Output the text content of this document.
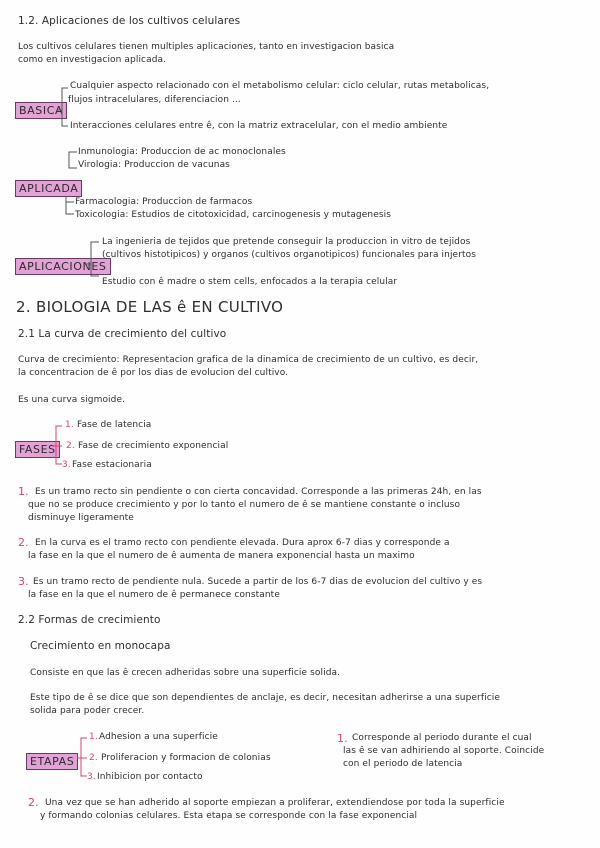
1.2. Aplicaciones de los cultivos celulares
Los cultivos celulares tienen multiples aplicaciones, tanto en investigacion basica
como en investigacion aplicada.
BASICA
Cualquier aspecto relacionado con el metabolismo celular: ciclo celular, rutas metabolicas,
flujos intracelulares, diferenciacion ...
Interacciones celulares entre ê, con la matriz extracelular, con el medio ambiente
Inmunologia: Produccion de ac monoclonales
Virologia: Produccion de vacunas
APLICADA
Farmacologia: Produccion de farmacos
Toxicologia: Estudios de citotoxicidad, carcinogenesis y mutagenesis
APLICACIONES
La ingenieria de tejidos que pretende conseguir la produccion in vitro de tejidos
(cultivos histotipicos) y organos (cultivos organotipicos) funcionales para injertos
Estudio con ê madre o stem cells, enfocados a la terapia celular
2. BIOLOGIA DE LAS ê EN CULTIVO
2.1 La curva de crecimiento del cultivo
Curva de crecimiento: Representacion grafica de la dinamica de crecimiento de un cultivo, es decir,
la concentracion de ê por los dias de evolucion del cultivo.
Es una curva sigmoide.
FASES
1. Fase de latencia
2. Fase de crecimiento exponencial
3. Fase estacionaria
1. Es un tramo recto sin pendiente o con cierta concavidad. Corresponde a las primeras 24h, en las
que no se produce crecimiento y por lo tanto el numero de ê se mantiene constante o incluso
disminuye ligeramente
2. En la curva es el tramo recto con pendiente elevada. Dura aprox 6-7 dias y corresponde a
la fase en la que el numero de ê aumenta de manera exponencial hasta un maximo
3. Es un tramo recto de pendiente nula. Sucede a partir de los 6-7 dias de evolucion del cultivo y es
la fase en la que el numero de ê permanece constante
2.2 Formas de crecimiento
Crecimiento en monocapa
Consiste en que las ê crecen adheridas sobre una superficie solida.
Este tipo de ê se dice que son dependientes de anclaje, es decir, necesitan adherirse a una superficie
solida para poder crecer.
ETAPAS
1. Adhesion a una superficie
2. Proliferacion y formacion de colonias
3. Inhibicion por contacto
1. Corresponde al periodo durante el cual
las ê se van adhiriendo al soporte. Coincide
con el periodo de latencia
2. Una vez que se han adherido al soporte empiezan a proliferar, extendiendose por toda la superficie
y formando colonias celulares. Esta etapa se corresponde con la fase exponencial
